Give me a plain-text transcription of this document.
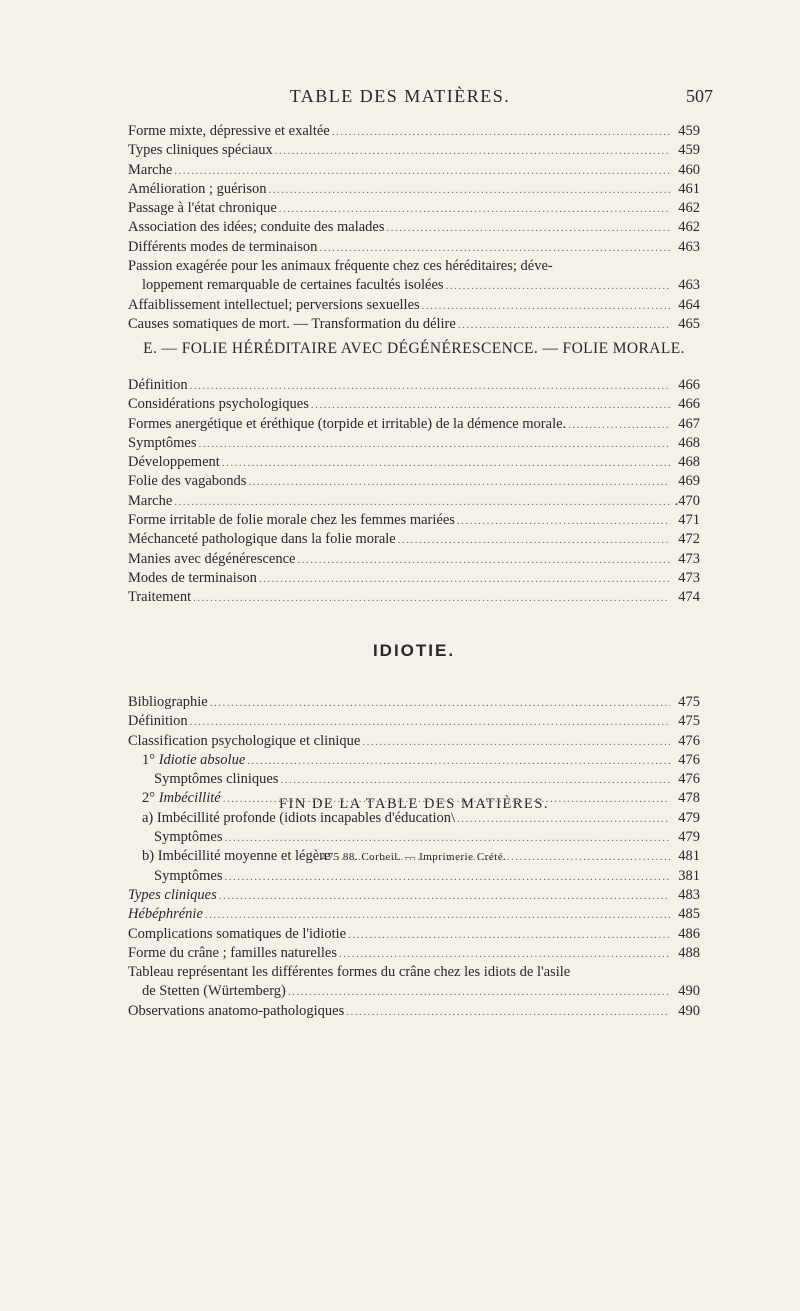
TABLE DES MATIÈRES.	507
Forme mixte, dépressive et exaltée .....	459
Types cliniques spéciaux .....	459
Marche .....	460
Amélioration ; guérison .....	461
Passage à l'état chronique .....	462
Association des idées; conduite des malades .....	462
Différents modes de terminaison .....	463
Passion exagérée pour les animaux fréquente chez ces héréditaires; déve-
loppement remarquable de certaines facultés isolées .....	463
Affaiblissement intellectuel; perversions sexuelles .....	464
Causes somatiques de mort. — Transformation du délire .....	465
E. — FOLIE HÉRÉDITAIRE AVEC DÉGÉNÉRESCENCE. — FOLIE MORALE.
Définition .....	466
Considérations psychologiques .....	466
Formes anergétique et éréthique (torpide et irritable) de la démence morale. .....	467
Symptômes .....	468
Développement .....	468
Folie des vagabonds .....	469
Marche .....	.470
Forme irritable de folie morale chez les femmes mariées .....	471
Méchanceté pathologique dans la folie morale .....	472
Manies avec dégénérescence .....	473
Modes de terminaison .....	473
Traitement .....	474
IDIOTIE.
Bibliographie .....	475
Définition .....	475
Classification psychologique et clinique .....	476
1° Idiotie absolue .....	476
Symptômes cliniques .....	476
2° Imbécillité .....	478
a) Imbécillité profonde (idiots incapables d'éducation\ .....	479
Symptômes .....	479
b) Imbécillité moyenne et légère .....	481
Symptômes .....	381
Types cliniques .....	483
Hébéphrénie .....	485
Complications somatiques de l'idiotie .....	486
Forme du crâne ; familles naturelles .....	488
Tableau représentant les différentes formes du crâne chez les idiots de l'asile
de Stetten (Würtemberg) .....	490
Observations anatomo-pathologiques .....	490
FIN DE LA TABLE DES MATIÈRES.
475 88. Corbeil. — Imprimerie Crété.
